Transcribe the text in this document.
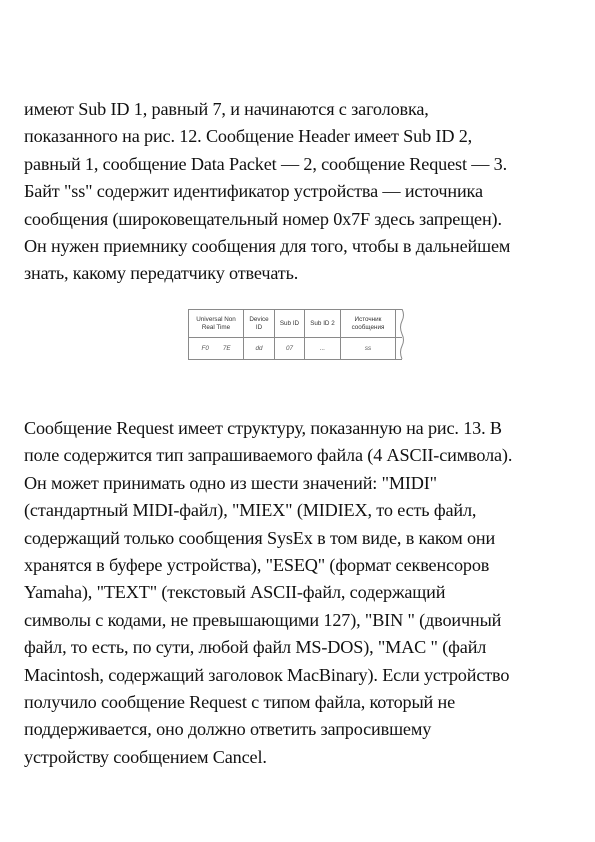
имеют Sub ID 1, равный 7, и начинаются с заголовка,
показанного на рис. 12. Сообщение Header имеет Sub ID 2,
равный 1, сообщение Data Packet — 2, сообщение Request — 3.
Байт "ss" содержит идентификатор устройства — источника
сообщения (широковещательный номер 0x7F здесь запрещен).
Он нужен приемнику сообщения для того, чтобы в дальнейшем
знать, какому передатчику отвечать.
Universal Non Real Time	Device ID	Sub ID	Sub ID 2	Источник сообщения	
F0 7E	dd	07	...	ss	
Сообщение Request имеет структуру, показанную на рис. 13. В
поле содержится тип запрашиваемого файла (4 ASCII-символа).
Он может принимать одно из шести значений: "MIDI"
(стандартный MIDI-файл), "MIEX" (MIDIEX, то есть файл,
содержащий только сообщения SysEx в том виде, в каком они
хранятся в буфере устройства), "ESEQ" (формат секвенсоров
Yamaha), "TEXT" (текстовый ASCII-файл, содержащий
символы с кодами, не превышающими 127), "BIN " (двоичный
файл, то есть, по сути, любой файл MS-DOS), "MAC " (файл
Macintosh, содержащий заголовок MacBinary). Если устройство
получило сообщение Request с типом файла, который не
поддерживается, оно должно ответить запросившему
устройству сообщением Cancel.
